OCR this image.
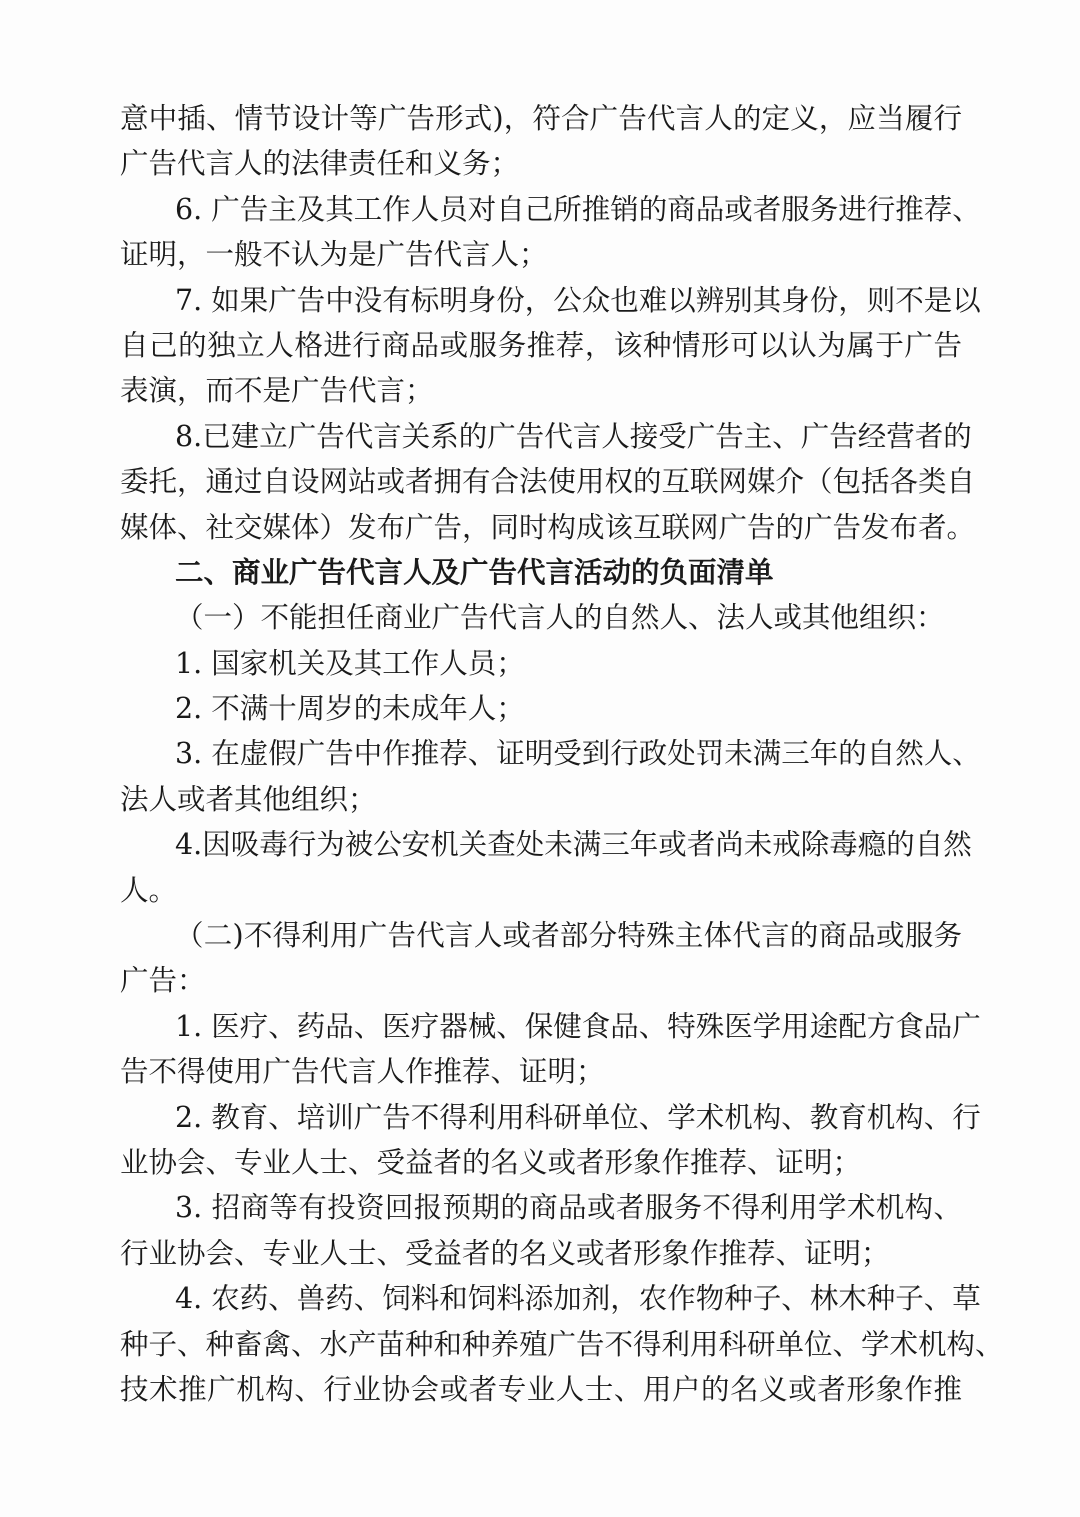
意中插、情节设计等广告形式)，符合广告代言人的定义，应当履行
广告代言人的法律责任和义务；
6. 广告主及其工作人员对自己所推销的商品或者服务进行推荐、
证明，一般不认为是广告代言人；
7. 如果广告中没有标明身份，公众也难以辨别其身份，则不是以
自己的独立人格进行商品或服务推荐，该种情形可以认为属于广告
表演，而不是广告代言；
8.已建立广告代言关系的广告代言人接受广告主、广告经营者的
委托，通过自设网站或者拥有合法使用权的互联网媒介（包括各类自
媒体、社交媒体）发布广告，同时构成该互联网广告的广告发布者。
二、商业广告代言人及广告代言活动的负面清单
（一）不能担任商业广告代言人的自然人、法人或其他组织：
1. 国家机关及其工作人员；
2. 不满十周岁的未成年人；
3. 在虚假广告中作推荐、证明受到行政处罚未满三年的自然人、
法人或者其他组织；
4.因吸毒行为被公安机关查处未满三年或者尚未戒除毒瘾的自然
人。
（二)不得利用广告代言人或者部分特殊主体代言的商品或服务
广告：
1. 医疗、药品、医疗器械、保健食品、特殊医学用途配方食品广
告不得使用广告代言人作推荐、证明；
2. 教育、培训广告不得利用科研单位、学术机构、教育机构、行
业协会、专业人士、受益者的名义或者形象作推荐、证明；
3. 招商等有投资回报预期的商品或者服务不得利用学术机构、
行业协会、专业人士、受益者的名义或者形象作推荐、证明；
4. 农药、兽药、饲料和饲料添加剂，农作物种子、林木种子、草
种子、种畜禽、水产苗种和种养殖广告不得利用科研单位、学术机构、
技术推广机构、行业协会或者专业人士、用户的名义或者形象作推
